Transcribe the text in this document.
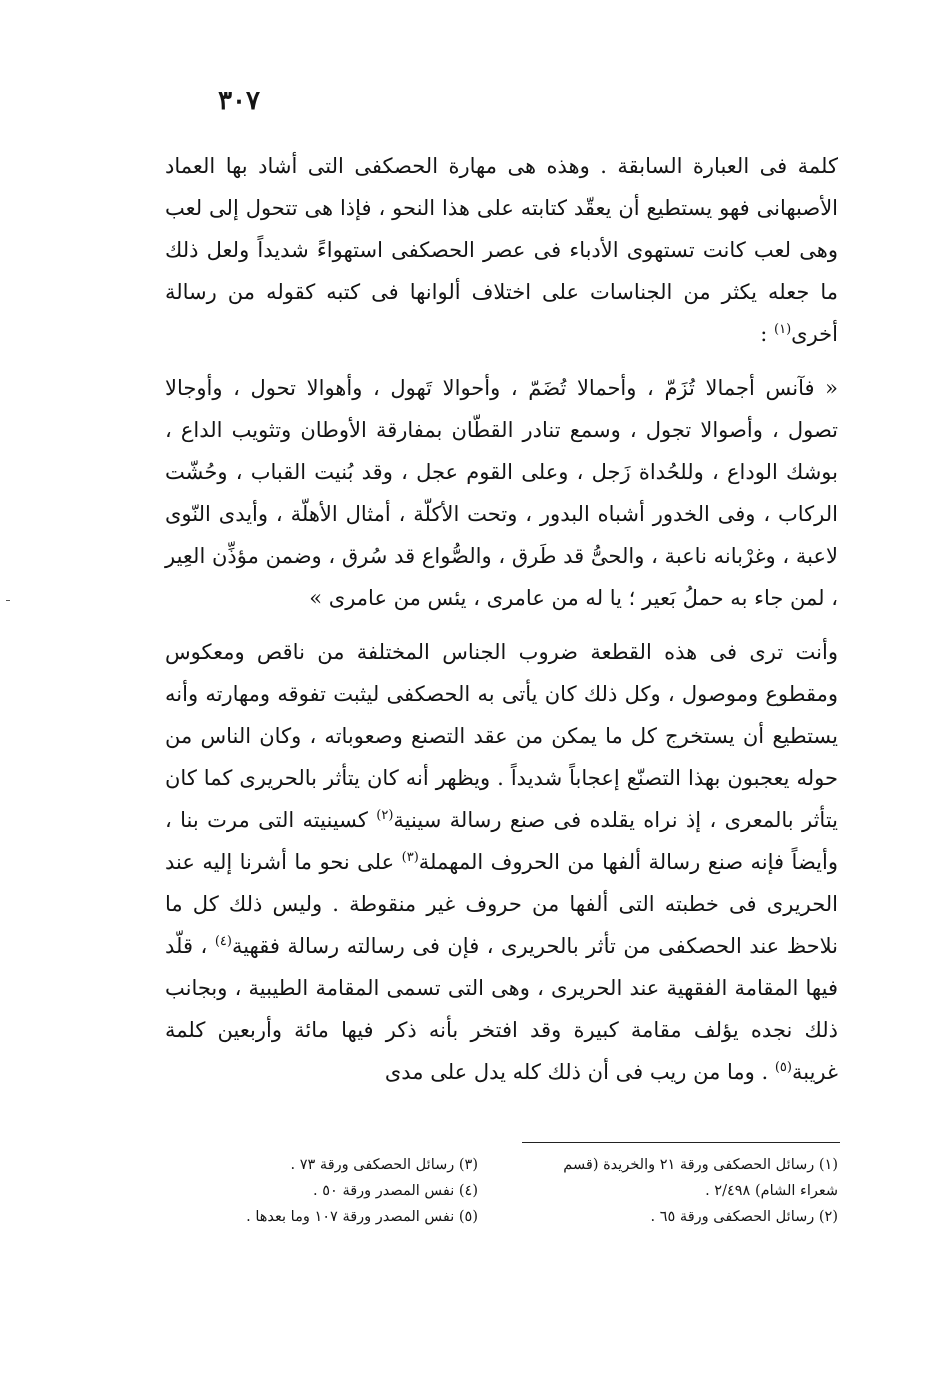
٣٠٧

كلمة فى العبارة السابقة . وهذه هى مهارة الحصكفى التى أشاد بها العماد الأصبهانى فهو يستطيع أن يعقّد كتابته على هذا النحو ، فإذا هى تتحول إلى لعب وهى لعب كانت تستهوى الأدباء فى عصر الحصكفى استهواءً شديداً ولعل ذلك ما جعله يكثر من الجناسات على اختلاف ألوانها فى كتبه كقوله من رسالة أخرى$^{(١)}$ :

« فآنس أجمالا تُزَمّ ، وأحمالا تُضَمّ ، وأحوالا تَهول ، وأهوالا تحول ، وأوجالا تصول ، وأصوالا تجول ، وسمع تنادر القطّان بمفارقة الأوطان وتثويب الداع ، بوشك الوداع ، وللحُداة زَجل ، وعلى القوم عجل ، وقد بُنيت القباب ، وحُشّت الركاب ، وفى الخدور أشباه البدور ، وتحت الأكلّة ، أمثال الأهلّة ، وأيدى النّوى لاعبة ، وغرْبانه ناعبة ، والحىُّ قد طَرق ، والصُّواع قد سُرق ، وضمن مؤذِّن العِير ، لمن جاء به حملُ بَعير ؛ يا له من عامرى ، يئس من عامرى »

وأنت ترى فى هذه القطعة ضروب الجناس المختلفة من ناقص ومعكوس ومقطوع وموصول ، وكل ذلك كان يأتى به الحصكفى ليثبت تفوقه ومهارته وأنه يستطيع أن يستخرج كل ما يمكن من عقد التصنع وصعوباته ، وكان الناس من حوله يعجبون بهذا التصنّع إعجاباً شديداً . ويظهر أنه كان يتأثر بالحريرى كما كان يتأثر بالمعرى ، إذ نراه يقلده فى صنع رسالة سينية$^{(٢)}$ كسينيته التى مرت بنا ، وأيضاً فإنه صنع رسالة ألفها من الحروف المهملة$^{(٣)}$ على نحو ما أشرنا إليه عند الحريرى فى خطبته التى ألفها من حروف غير منقوطة . وليس ذلك كل ما نلاحظ عند الحصكفى من تأثر بالحريرى ، فإن فى رسالته رسالة فقهية$^{(٤)}$ ، قلّد فيها المقامة الفقهية عند الحريرى ، وهى التى تسمى المقامة الطيبية ، وبجانب ذلك نجده يؤلف مقامة كبيرة وقد افتخر بأنه ذكر فيها مائة وأربعين كلمة غريبة$^{(٥)}$ . وما من ريب فى أن ذلك كله يدل على مدى

(١) رسائل الحصكفى ورقة ٢١ والخريدة (قسم
شعراء الشام) ٢/٤٩٨ .
(٢) رسائل الحصكفى ورقة ٦٥ .
(٣) رسائل الحصكفى ورقة ٧٣ .
(٤) نفس المصدر ورقة ٥٠ .
(٥) نفس المصدر ورقة ١٠٧ وما بعدها .
